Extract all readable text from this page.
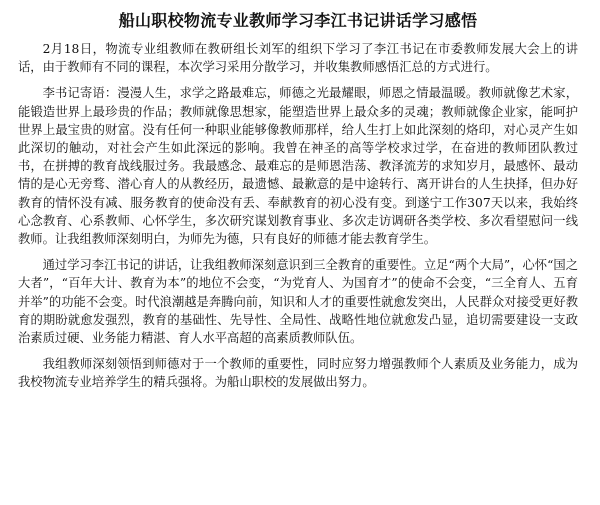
船山职校物流专业教师学习李江书记讲话学习感悟

2月18日，物流专业组教师在教研组长刘军的组织下学习了李江书记在市委教师发展大会上的讲话，由于教师有不同的课程，本次学习采用分散学习，并收集教师感悟汇总的方式进行。

李书记寄语：漫漫人生，求学之路最难忘，师德之光最耀眼，师恩之情最温暖。教师就像艺术家，能锻造世界上最珍贵的作品；教师就像思想家，能塑造世界上最众多的灵魂；教师就像企业家，能呵护世界上最宝贵的财富。没有任何一种职业能够像教师那样，给人生打上如此深刻的烙印，对心灵产生如此深切的触动，对社会产生如此深远的影响。我曾在神圣的高等学校求过学，在奋进的教师团队教过书，在拼搏的教育战线服过务。我最感念、最难忘的是师恩浩荡、教泽流芳的求知岁月，最感怀、最动情的是心无旁骛、潜心育人的从教经历，最遗憾、最歉意的是中途转行、离开讲台的人生抉择，但办好教育的情怀没有减、服务教育的使命没有丢、奉献教育的初心没有变。到遂宁工作307天以来，我始终心念教育、心系教师、心怀学生，多次研究谋划教育事业、多次走访调研各类学校、多次看望慰问一线教师。让我组教师深刻明白，为师先为德，只有良好的师德才能去教育学生。

通过学习李江书记的讲话，让我组教师深刻意识到三全教育的重要性。立足“两个大局”，心怀“国之大者”，“百年大计、教育为本”的地位不会变，“为党育人、为国育才”的使命不会变，“三全育人、五育并举”的功能不会变。时代浪潮越是奔腾向前，知识和人才的重要性就愈发突出，人民群众对接受更好教育的期盼就愈发强烈，教育的基础性、先导性、全局性、战略性地位就愈发凸显，追切需要建设一支政治素质过硬、业务能力精湛、育人水平高超的高素质教师队伍。

我组教师深刻领悟到师德对于一个教师的重要性，同时应努力增强教师个人素质及业务能力，成为我校物流专业培养学生的精兵强将。为船山职校的发展做出努力。
